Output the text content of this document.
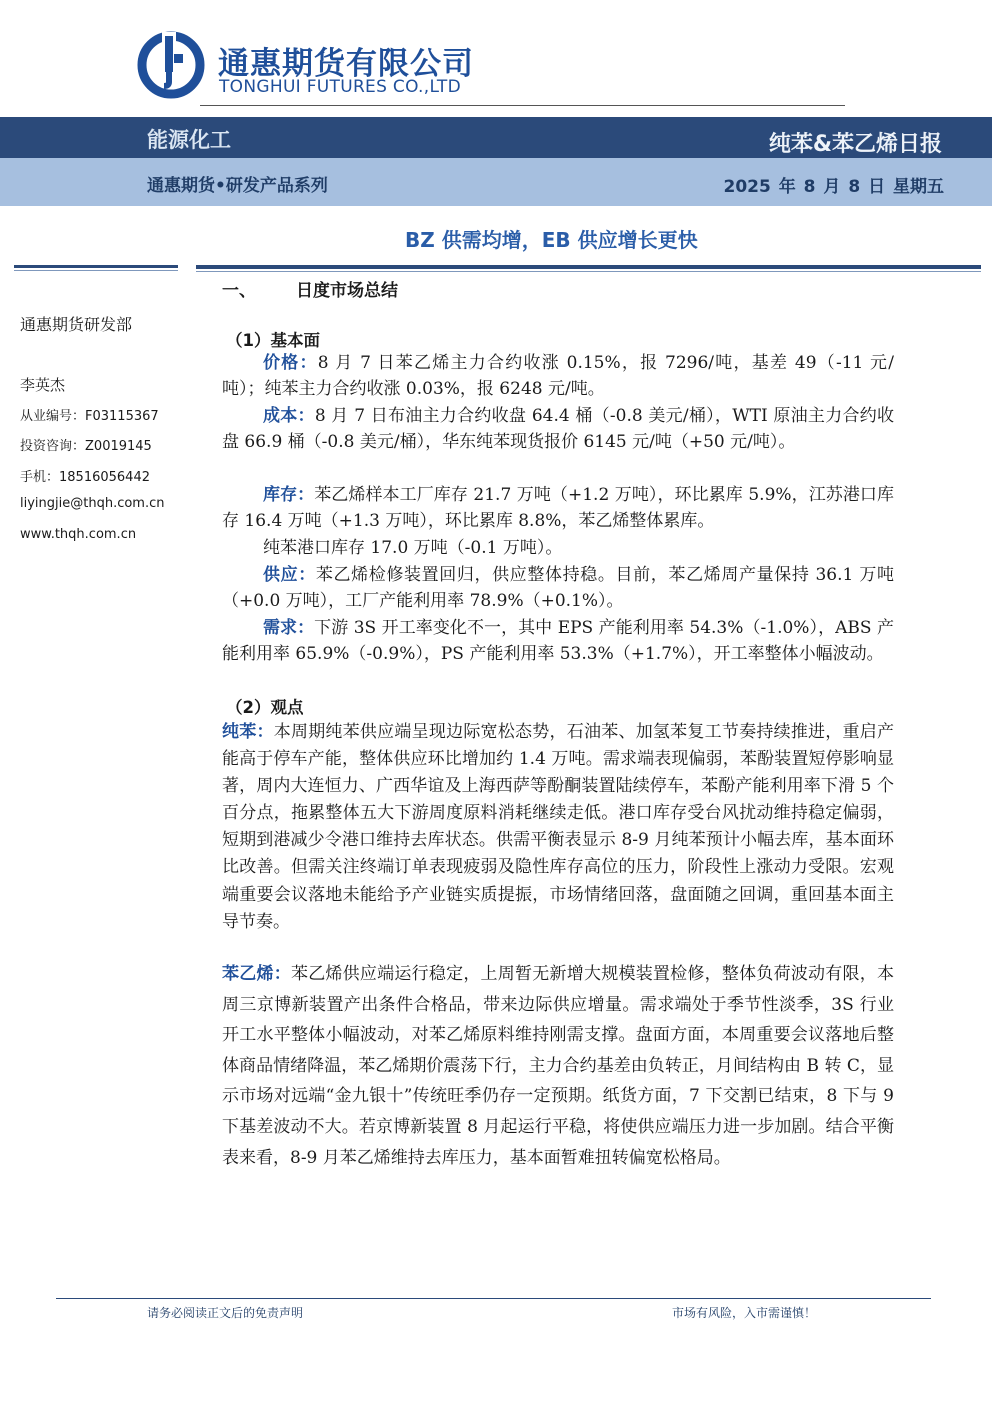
通惠期货有限公司
TONGHUI FUTURES CO.,LTD
能源化工	纯苯&苯乙烯日报
通惠期货•研发产品系列	2025 年 8 月 8 日 星期五
BZ 供需均增，EB 供应增长更快
通惠期货研发部
李英杰
从业编号：F03115367
投资咨询：Z0019145
手机：18516056442
liyingjie@thqh.com.cn
www.thqh.com.cn
一、 日度市场总结
（1）基本面

价格：8 月 7 日苯乙烯主力合约收涨 0.15%，报 7296/吨，基差 49（-11 元/吨）；纯苯主力合约收涨 0.03%，报 6248 元/吨。

成本：8 月 7 日布油主力合约收盘 64.4 桶（-0.8 美元/桶），WTI 原油主力合约收盘 66.9 桶（-0.8 美元/桶），华东纯苯现货报价 6145 元/吨（+50 元/吨）。

库存：苯乙烯样本工厂库存 21.7 万吨（+1.2 万吨），环比累库 5.9%，江苏港口库存 16.4 万吨（+1.3 万吨），环比累库 8.8%，苯乙烯整体累库。

纯苯港口库存 17.0 万吨（-0.1 万吨）。

供应：苯乙烯检修装置回归，供应整体持稳。目前，苯乙烯周产量保持 36.1 万吨（+0.0 万吨），工厂产能利用率 78.9%（+0.1%）。

需求：下游 3S 开工率变化不一，其中 EPS 产能利用率 54.3%（-1.0%），ABS 产能利用率 65.9%（-0.9%），PS 产能利用率 53.3%（+1.7%），开工率整体小幅波动。

（2）观点

纯苯：本周期纯苯供应端呈现边际宽松态势，石油苯、加氢苯复工节奏持续推进，重启产能高于停车产能，整体供应环比增加约 1.4 万吨。需求端表现偏弱，苯酚装置短停影响显著，周内大连恒力、广西华谊及上海西萨等酚酮装置陆续停车，苯酚产能利用率下滑 5 个百分点，拖累整体五大下游周度原料消耗继续走低。港口库存受台风扰动维持稳定偏弱，短期到港减少令港口维持去库状态。供需平衡表显示 8-9 月纯苯预计小幅去库，基本面环比改善。但需关注终端订单表现疲弱及隐性库存高位的压力，阶段性上涨动力受限。宏观端重要会议落地未能给予产业链实质提振，市场情绪回落，盘面随之回调，重回基本面主导节奏。

苯乙烯：苯乙烯供应端运行稳定，上周暂无新增大规模装置检修，整体负荷波动有限，本周三京博新装置产出条件合格品，带来边际供应增量。需求端处于季节性淡季，3S 行业开工水平整体小幅波动，对苯乙烯原料维持刚需支撑。盘面方面，本周重要会议落地后整体商品情绪降温，苯乙烯期价震荡下行，主力合约基差由负转正，月间结构由 B 转 C，显示市场对远端“金九银十”传统旺季仍存一定预期。纸货方面，7 下交割已结束，8 下与 9 下基差波动不大。若京博新装置 8 月起运行平稳，将使供应端压力进一步加剧。结合平衡表来看，8-9 月苯乙烯维持去库压力，基本面暂难扭转偏宽松格局。

请务必阅读正文后的免责声明	市场有风险，入市需谨慎！
